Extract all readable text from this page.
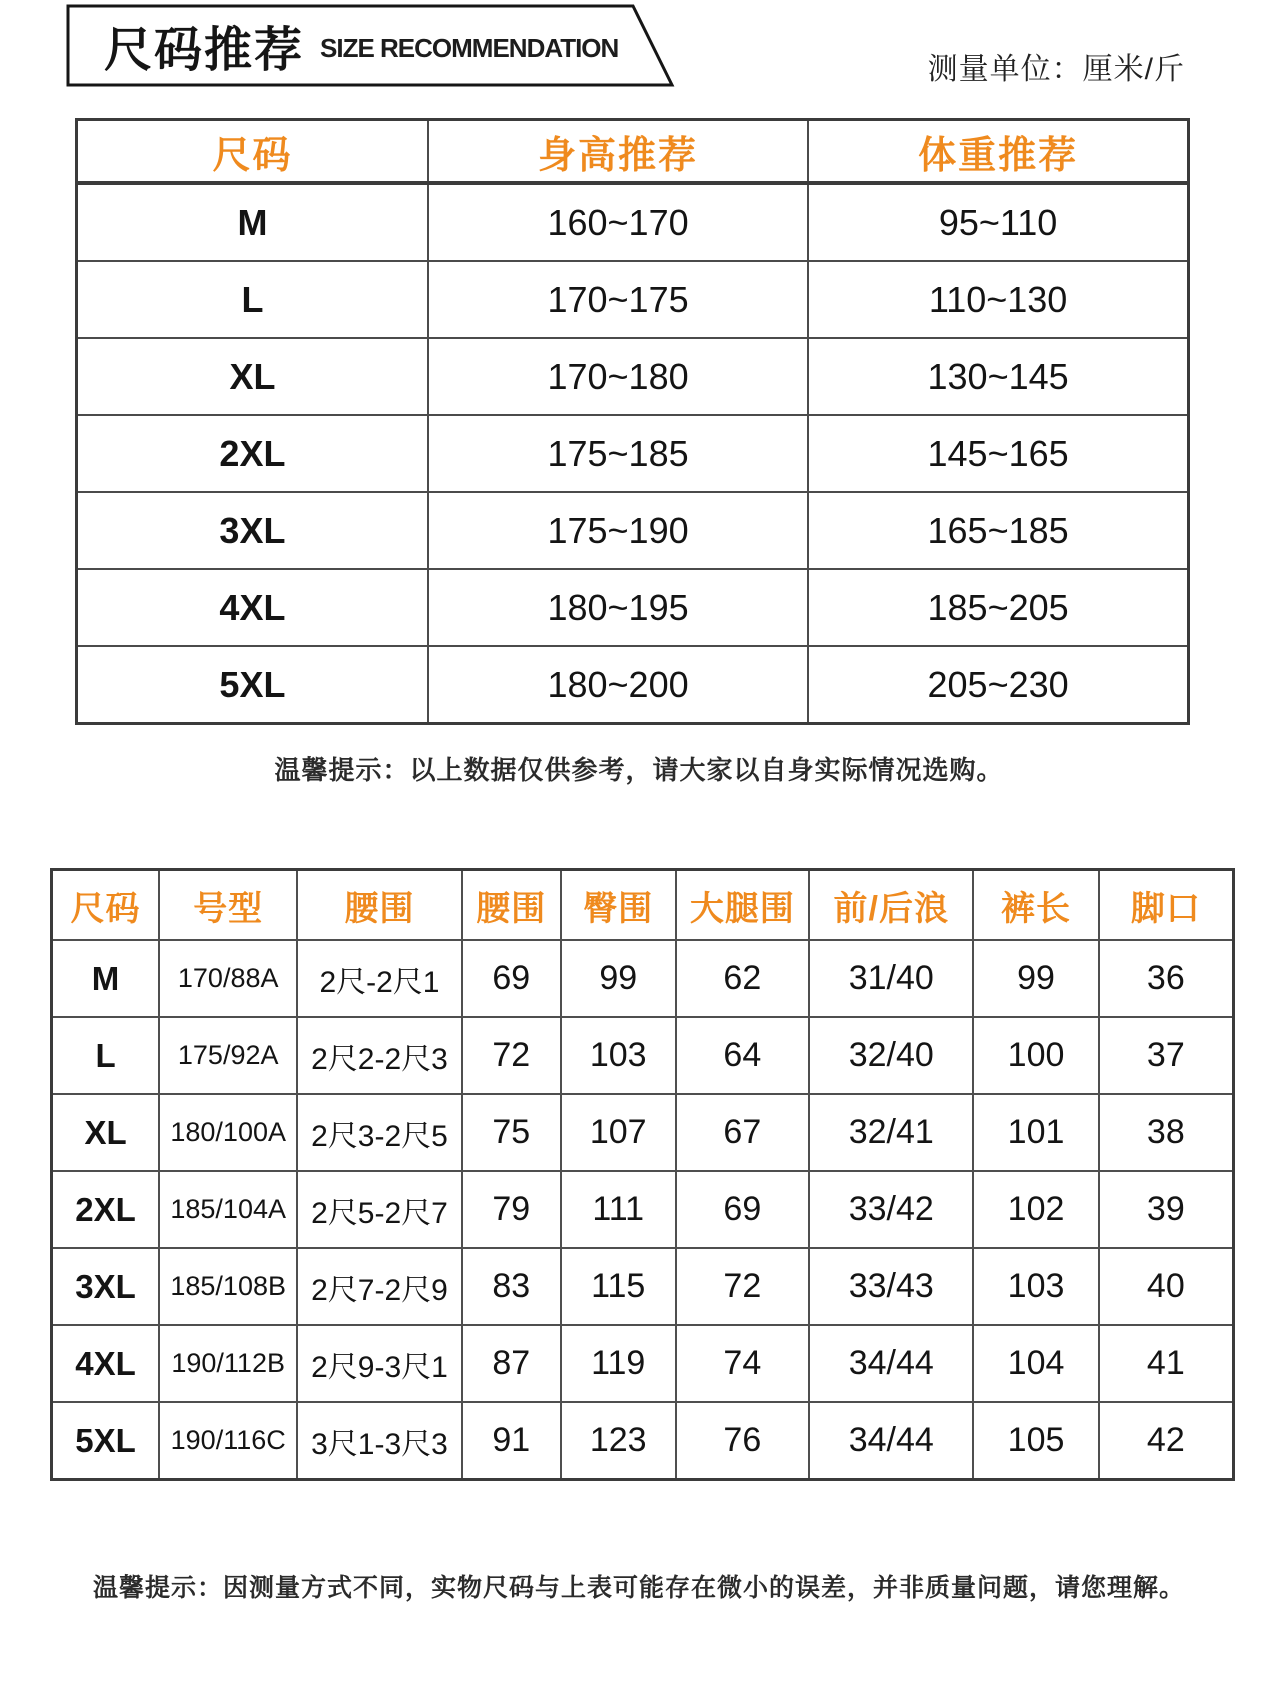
尺码推荐 SIZE RECOMMENDATION
测量单位：厘米/斤
尺码	身高推荐	体重推荐
M	160~170	95~110
L	170~175	110~130
XL	170~180	130~145
2XL	175~185	145~165
3XL	175~190	165~185
4XL	180~195	185~205
5XL	180~200	205~230
温馨提示：以上数据仅供参考，请大家以自身实际情况选购。
尺码	号型	腰围	腰围	臀围	大腿围	前/后浪	裤长	脚口
M	170/88A	2尺-2尺1	69	99	62	31/40	99	36
L	175/92A	2尺2-2尺3	72	103	64	32/40	100	37
XL	180/100A	2尺3-2尺5	75	107	67	32/41	101	38
2XL	185/104A	2尺5-2尺7	79	111	69	33/42	102	39
3XL	185/108B	2尺7-2尺9	83	115	72	33/43	103	40
4XL	190/112B	2尺9-3尺1	87	119	74	34/44	104	41
5XL	190/116C	3尺1-3尺3	91	123	76	34/44	105	42
温馨提示：因测量方式不同，实物尺码与上表可能存在微小的误差，并非质量问题，请您理解。
